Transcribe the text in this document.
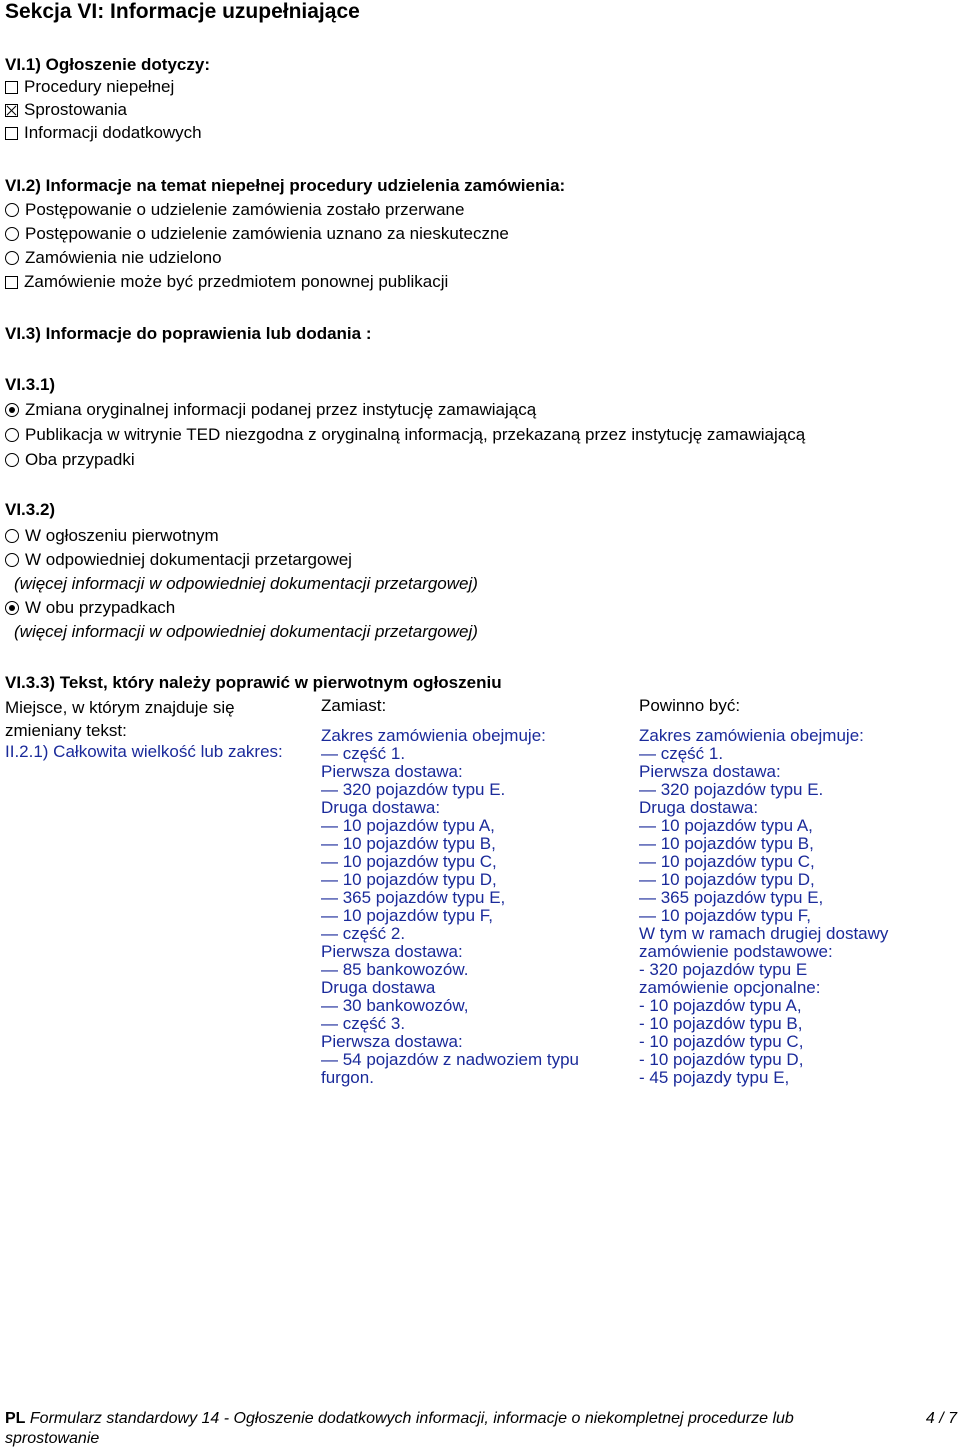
Sekcja VI: Informacje uzupełniające
VI.1) Ogłoszenie dotyczy:
Procedury niepełnej
Sprostowania
Informacji dodatkowych
VI.2) Informacje na temat niepełnej procedury udzielenia zamówienia:
Postępowanie o udzielenie zamówienia zostało przerwane
Postępowanie o udzielenie zamówienia uznano za nieskuteczne
Zamówienia nie udzielono
Zamówienie może być przedmiotem ponownej publikacji
VI.3) Informacje do poprawienia lub dodania :
VI.3.1)
Zmiana oryginalnej informacji podanej przez instytucję zamawiającą
Publikacja w witrynie TED niezgodna z oryginalną informacją, przekazaną przez instytucję zamawiającą
Oba przypadki
VI.3.2)
W ogłoszeniu pierwotnym
W odpowiedniej dokumentacji przetargowej
(więcej informacji w odpowiedniej dokumentacji przetargowej)
W obu przypadkach
(więcej informacji w odpowiedniej dokumentacji przetargowej)
VI.3.3) Tekst, który należy poprawić w pierwotnym ogłoszeniu
Miejsce, w którym znajduje się
zmieniany tekst:
Zamiast:	Powinno być:
II.2.1) Całkowita wielkość lub zakres:
Zakres zamówienia obejmuje:
— część 1.
Pierwsza dostawa:
— 320 pojazdów typu E.
Druga dostawa:
— 10 pojazdów typu A,
— 10 pojazdów typu B,
— 10 pojazdów typu C,
— 10 pojazdów typu D,
— 365 pojazdów typu E,
— 10 pojazdów typu F,
— część 2.
Pierwsza dostawa:
— 85 bankowozów.
Druga dostawa
— 30 bankowozów,
— część 3.
Pierwsza dostawa:
— 54 pojazdów z nadwoziem typu
furgon.
Zakres zamówienia obejmuje:
— część 1.
Pierwsza dostawa:
— 320 pojazdów typu E.
Druga dostawa:
— 10 pojazdów typu A,
— 10 pojazdów typu B,
— 10 pojazdów typu C,
— 10 pojazdów typu D,
— 365 pojazdów typu E,
— 10 pojazdów typu F,
W tym w ramach drugiej dostawy
zamówienie podstawowe:
- 320 pojazdów typu E
zamówienie opcjonalne:
- 10 pojazdów typu A,
- 10 pojazdów typu B,
- 10 pojazdów typu C,
- 10 pojazdów typu D,
- 45 pojazdy typu E,
PL Formularz standardowy 14 - Ogłoszenie dodatkowych informacji, informacje o niekompletnej procedurze lub
sprostowanie
4 / 7
